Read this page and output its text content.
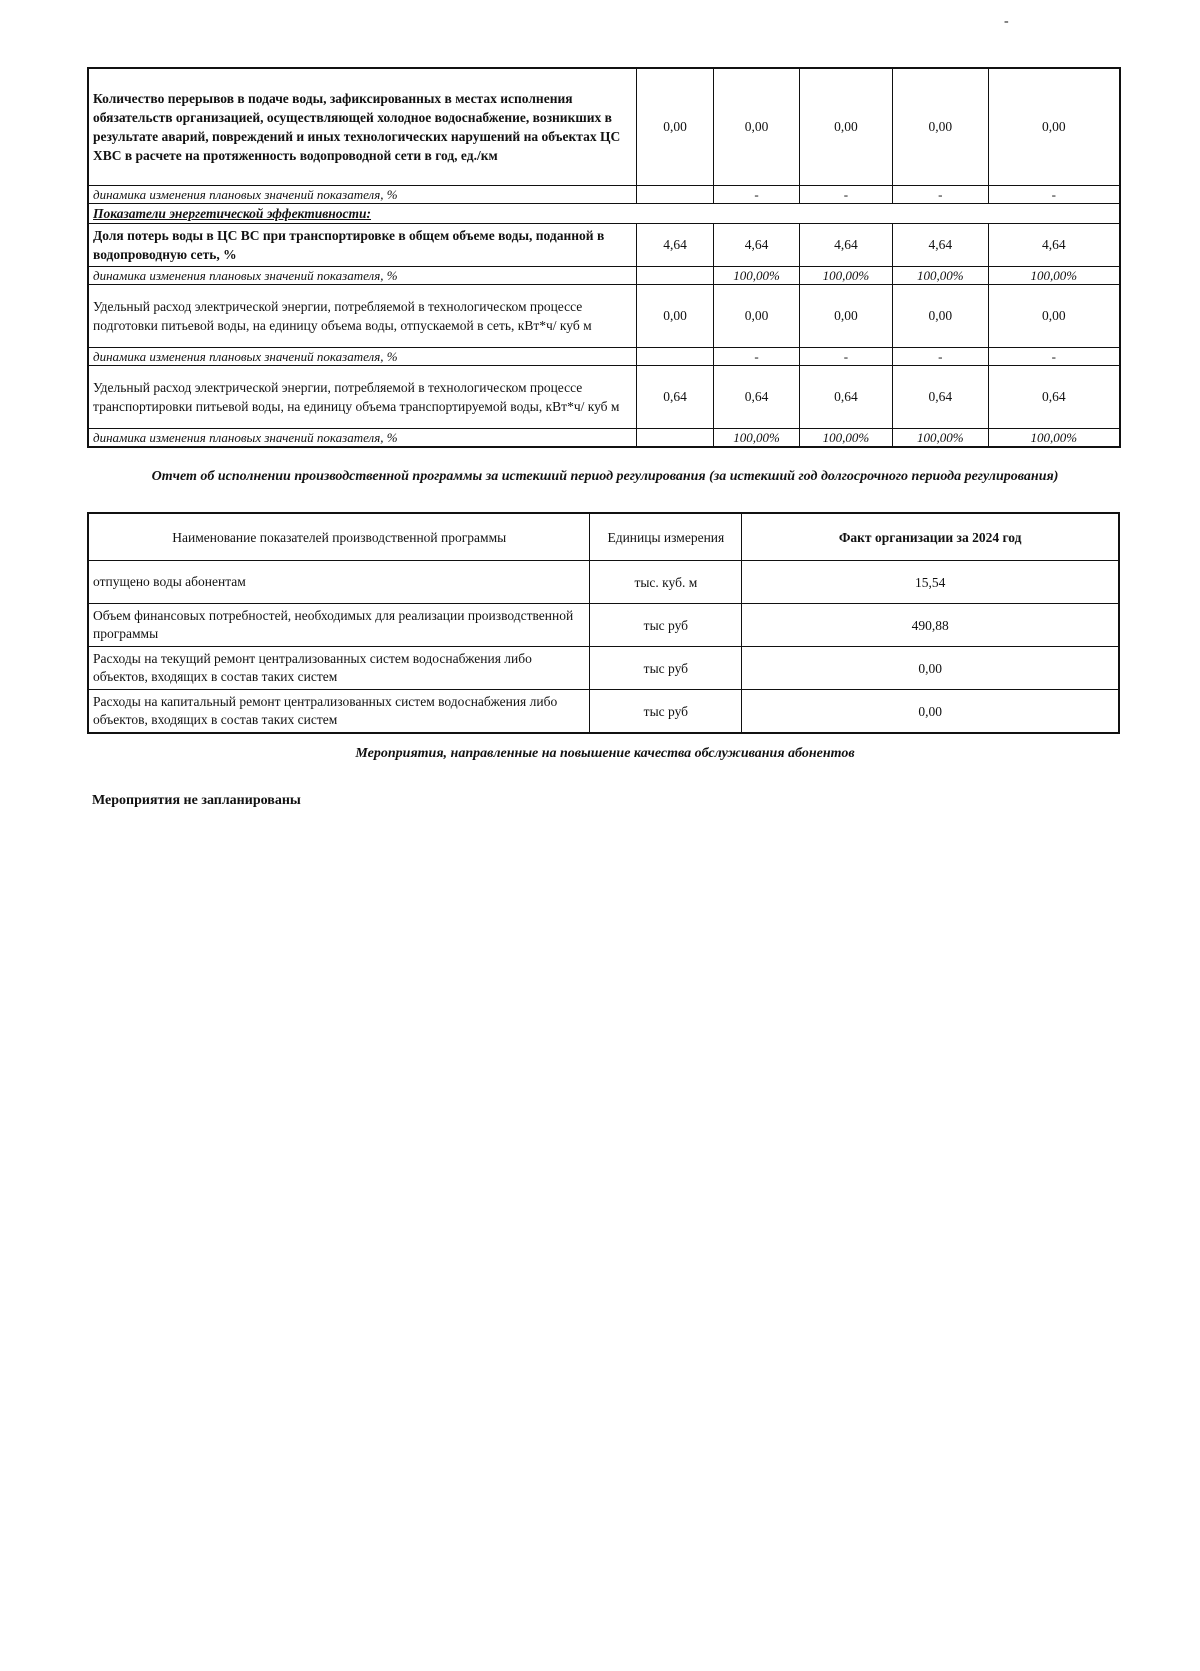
-
Количество перерывов в подаче воды, зафиксированных в местах исполнения обязательств организацией, осуществляющей холодное водоснабжение, возникших в результате аварий, повреждений и иных технологических нарушений на объектах ЦС ХВС в расчете на протяженность водопроводной сети в год, ед./км	0,00	0,00	0,00	0,00	0,00
динамика изменения плановых значений показателя, %		-	-	-	-
Показатели энергетической эффективности:					
Доля потерь воды в ЦС ВС при транспортировке в общем объеме воды, поданной в водопроводную сеть, %	4,64	4,64	4,64	4,64	4,64
динамика изменения плановых значений показателя, %		100,00%	100,00%	100,00%	100,00%
Удельный расход электрической энергии, потребляемой в технологическом процессе подготовки питьевой воды, на единицу объема воды, отпускаемой в сеть, кВт*ч/ куб м	0,00	0,00	0,00	0,00	0,00
динамика изменения плановых значений показателя, %		-	-	-	-
Удельный расход электрической энергии, потребляемой в технологическом процессе транспортировки питьевой воды, на единицу объема транспортируемой воды, кВт*ч/ куб м	0,64	0,64	0,64	0,64	0,64
динамика изменения плановых значений показателя, %		100,00%	100,00%	100,00%	100,00%
Отчет об исполнении производственной программы за истекший период регулирования (за истекший год долгосрочного периода регулирования)
Наименование показателей производственной программы	Единицы измерения	Факт организации за 2024 год
отпущено воды абонентам	тыс. куб. м	15,54
Объем финансовых потребностей, необходимых для реализации производственной программы	тыс руб	490,88
Расходы на текущий ремонт централизованных систем водоснабжения либо объектов, входящих в состав таких систем	тыс руб	0,00
Расходы на капитальный ремонт централизованных систем водоснабжения либо объектов, входящих в состав таких систем	тыс руб	0,00
Мероприятия, направленные на повышение качества обслуживания абонентов
Мероприятия не запланированы
